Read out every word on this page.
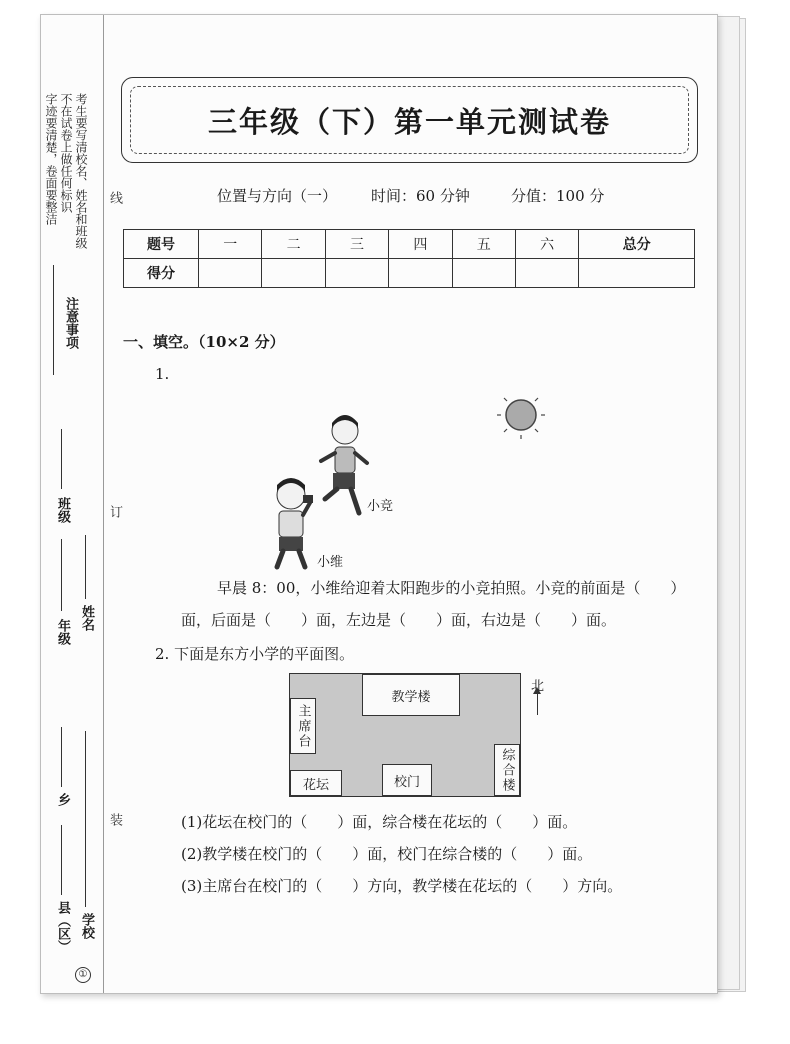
考生要写清校名、姓名和班级
不在试卷上做任何标识
字迹要清楚，卷面要整洁
注意事项
班级
年级
姓名
乡
县（区） 学校
线
订
装
①
三年级（下）第一单元测试卷
位置与方向（一） 时间：60 分钟	分值：100 分
题号	一	二	三	四	五	六	总分
得分							
一、填空。（10×2 分）
1.
小竞
小维
早晨 8：00，小维给迎着太阳跑步的小竞拍照。小竞的前面是（　　）
面，后面是（　　）面，左边是（　　）面，右边是（　　）面。
2. 下面是东方小学的平面图。
教学楼
主席台
花坛	校门	综合楼
北
(1)花坛在校门的（　　）面，综合楼在花坛的（　　）面。
(2)教学楼在校门的（　　）面，校门在综合楼的（　　）面。
(3)主席台在校门的（　　）方向，教学楼在花坛的（　　）方向。
